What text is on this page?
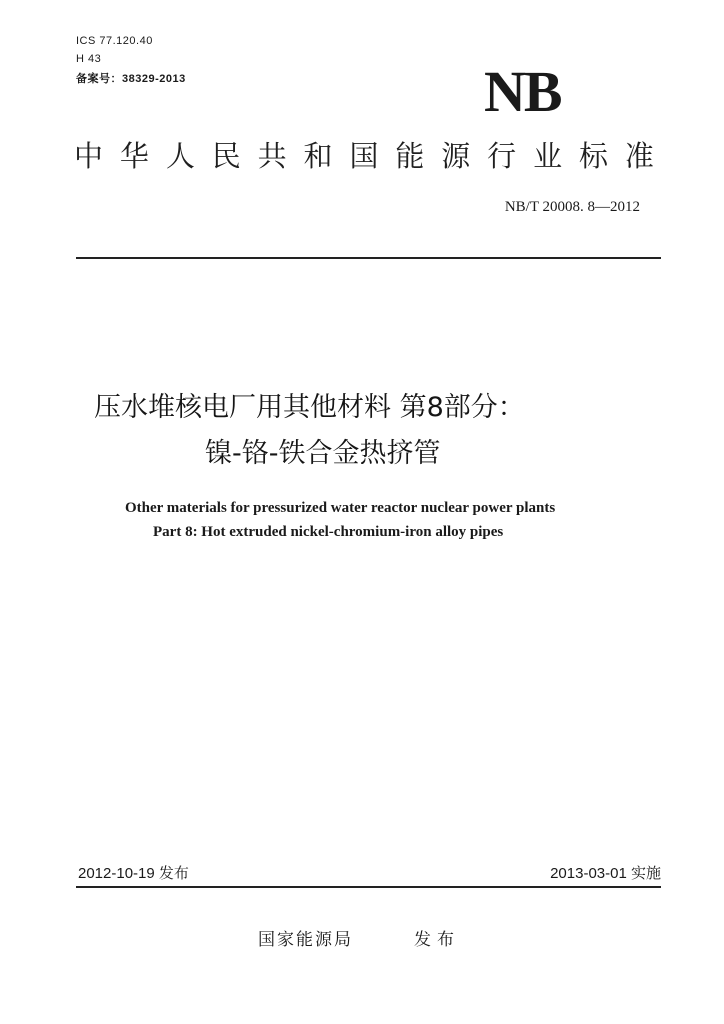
ICS 77.120.40
H 43
备案号：38329-2013	NB
中 华 人 民 共 和 国 能 源 行 业 标 准
NB/T 20008. 8—2012
压水堆核电厂用其他材料 第8部分：
镍-铬-铁合金热挤管
Other materials for pressurized water reactor nuclear power plants
Part 8: Hot extruded nickel-chromium-iron alloy pipes
2012-10-19 发布	2013-03-01 实施
国家能源局	发布
